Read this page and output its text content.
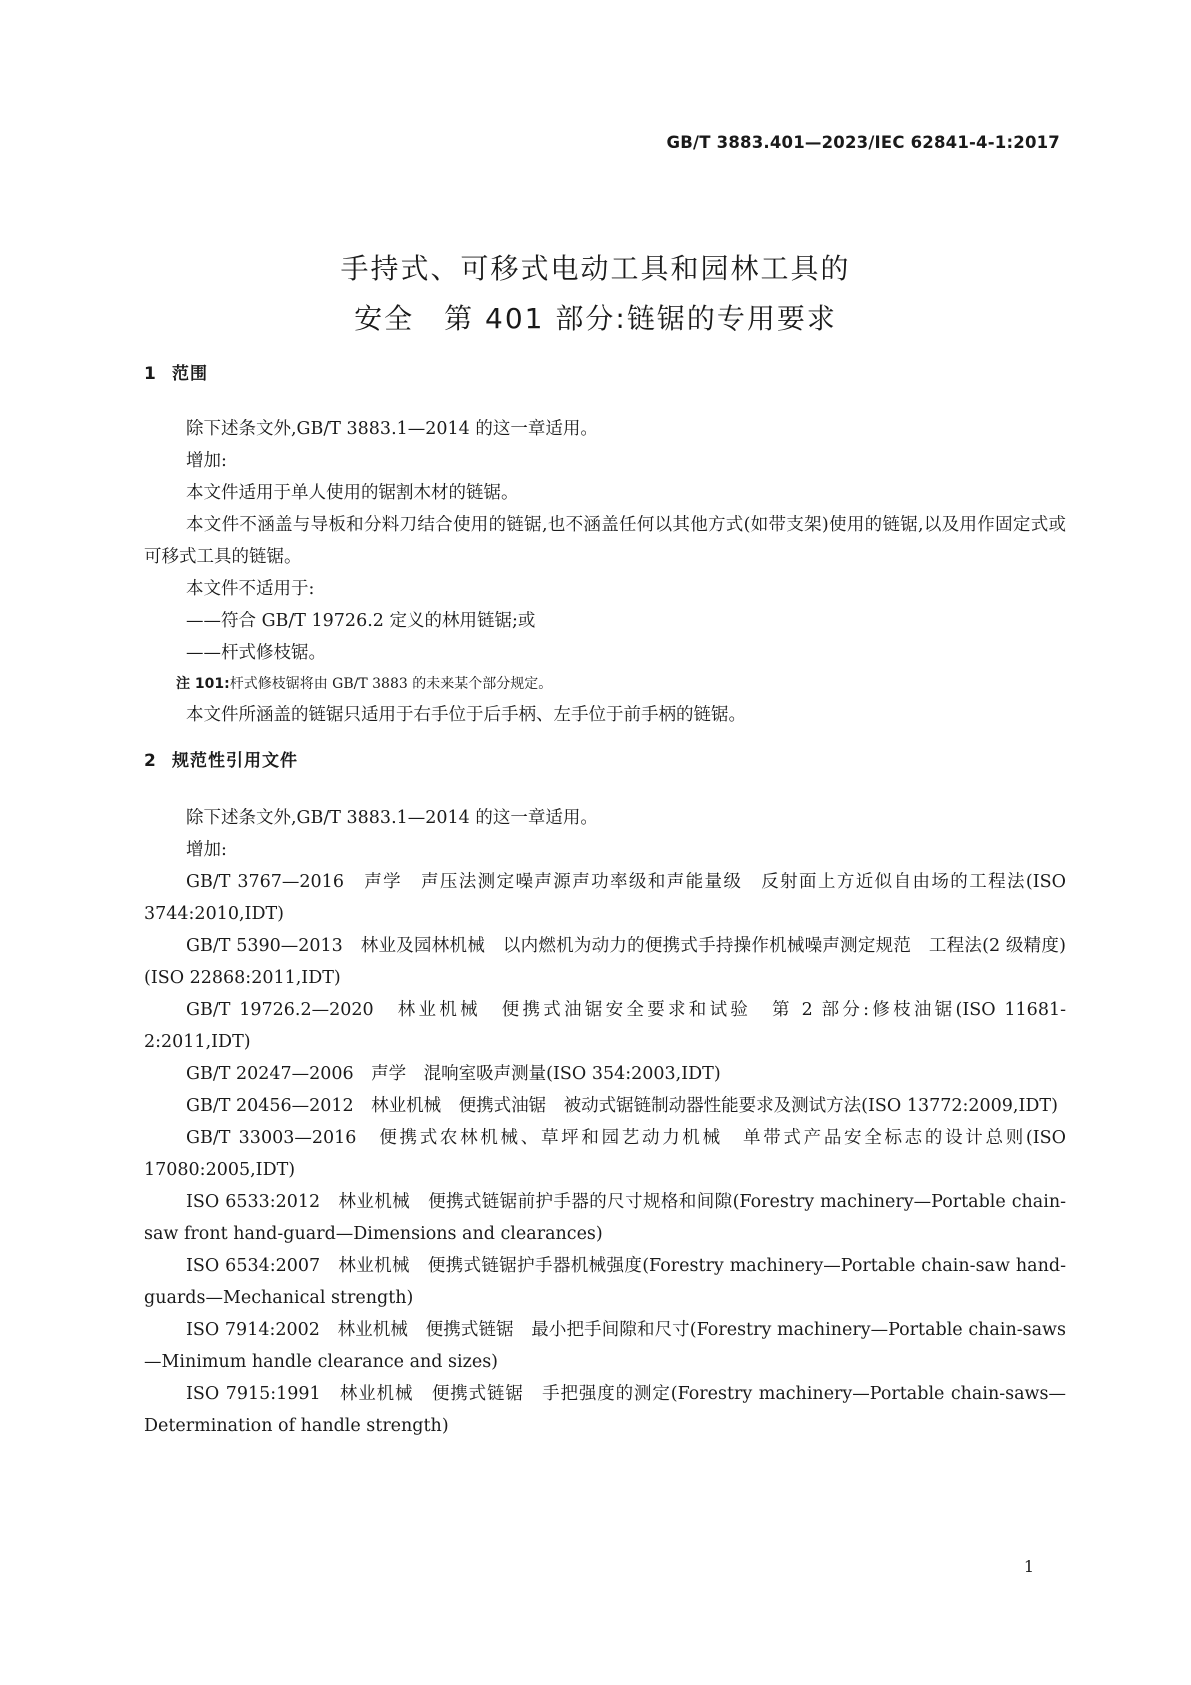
GB/T 3883.401—2023/IEC 62841-4-1:2017
手持式、可移式电动工具和园林工具的
安全　第 401 部分:链锯的专用要求
1 范围

除下述条文外,GB/T 3883.1—2014 的这一章适用。

增加:

本文件适用于单人使用的锯割木材的链锯。

本文件不涵盖与导板和分料刀结合使用的链锯,也不涵盖任何以其他方式(如带支架)使用的链锯,以及用作固定式或可移式工具的链锯。

本文件不适用于:

——符合 GB/T 19726.2 定义的林用链锯;或

——杆式修枝锯。

注 101:杆式修枝锯将由 GB/T 3883 的未来某个部分规定。

本文件所涵盖的链锯只适用于右手位于后手柄、左手位于前手柄的链锯。

2 规范性引用文件

除下述条文外,GB/T 3883.1—2014 的这一章适用。

增加:

GB/T 3767—2016　声学　声压法测定噪声源声功率级和声能量级　反射面上方近似自由场的工程法(ISO 3744:2010,IDT)

GB/T 5390—2013　林业及园林机械　以内燃机为动力的便携式手持操作机械噪声测定规范　工程法(2 级精度)(ISO 22868:2011,IDT)

GB/T 19726.2—2020　林业机械　便携式油锯安全要求和试验　第 2 部分:修枝油锯(ISO 11681-2:2011,IDT)

GB/T 20247—2006　声学　混响室吸声测量(ISO 354:2003,IDT)

GB/T 20456—2012　林业机械　便携式油锯　被动式锯链制动器性能要求及测试方法(ISO 13772:2009,IDT)

GB/T 33003—2016　便携式农林机械、草坪和园艺动力机械　单带式产品安全标志的设计总则(ISO 17080:2005,IDT)

ISO 6533:2012　林业机械　便携式链锯前护手器的尺寸规格和间隙(Forestry machinery—Portable chain-saw front hand-guard—Dimensions and clearances)

ISO 6534:2007　林业机械　便携式链锯护手器机械强度(Forestry machinery—Portable chain-saw hand-guards—Mechanical strength)

ISO 7914:2002　林业机械　便携式链锯　最小把手间隙和尺寸(Forestry machinery—Portable chain-saws—Minimum handle clearance and sizes)

ISO 7915:1991　林业机械　便携式链锯　手把强度的测定(Forestry machinery—Portable chain-saws—Determination of handle strength)

1
